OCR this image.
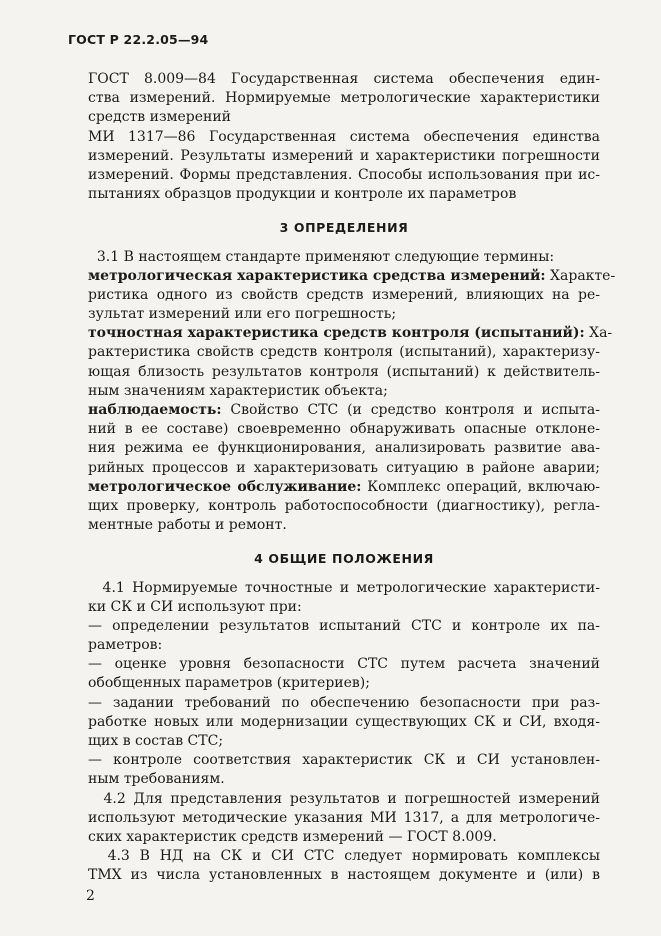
ГОСТ Р 22.2.05—94
ГОСТ 8.009—84 Государственная система обеспечения един-
ства измерений. Нормируемые метрологические характеристики
средств измерений
МИ 1317—86 Государственная система обеспечения единства
измерений. Результаты измерений и характеристики погрешности
измерений. Формы представления. Способы использования при ис-
пытаниях образцов продукции и контроле их параметров
3 ОПРЕДЕЛЕНИЯ
3.1 В настоящем стандарте применяют следующие термины:
метрологическая характеристика средства измерений: Характе-
ристика одного из свойств средств измерений, влияющих на ре-
зультат измерений или его погрешность;
точностная характеристика средств контроля (испытаний): Ха-
рактеристика свойств средств контроля (испытаний), характеризу-
ющая близость результатов контроля (испытаний) к действитель-
ным значениям характеристик объекта;
наблюдаемость: Свойство СТС (и средство контроля и испыта-
ний в ее составе) своевременно обнаруживать опасные отклоне-
ния режима ее функционирования, анализировать развитие ава-
рийных процессов и характеризовать ситуацию в районе аварии;
метрологическое обслуживание: Комплекс операций, включаю-
щих проверку, контроль работоспособности (диагностику), регла-
ментные работы и ремонт.
4 ОБЩИЕ ПОЛОЖЕНИЯ
4.1 Нормируемые точностные и метрологические характеристи-
ки СК и СИ используют при:
— определении результатов испытаний СТС и контроле их па-
раметров:
— оценке уровня безопасности СТС путем расчета значений
обобщенных параметров (критериев);
— задании требований по обеспечению безопасности при раз-
работке новых или модернизации существующих СК и СИ, входя-
щих в состав СТС;
— контроле соответствия характеристик СК и СИ установлен-
ным требованиям.
4.2 Для представления результатов и погрешностей измерений
используют методические указания МИ 1317, а для метрологиче-
ских характеристик средств измерений — ГОСТ 8.009.
4.3 В НД на СК и СИ СТС следует нормировать комплексы
ТМХ из числа установленных в настоящем документе и (или) в
2
